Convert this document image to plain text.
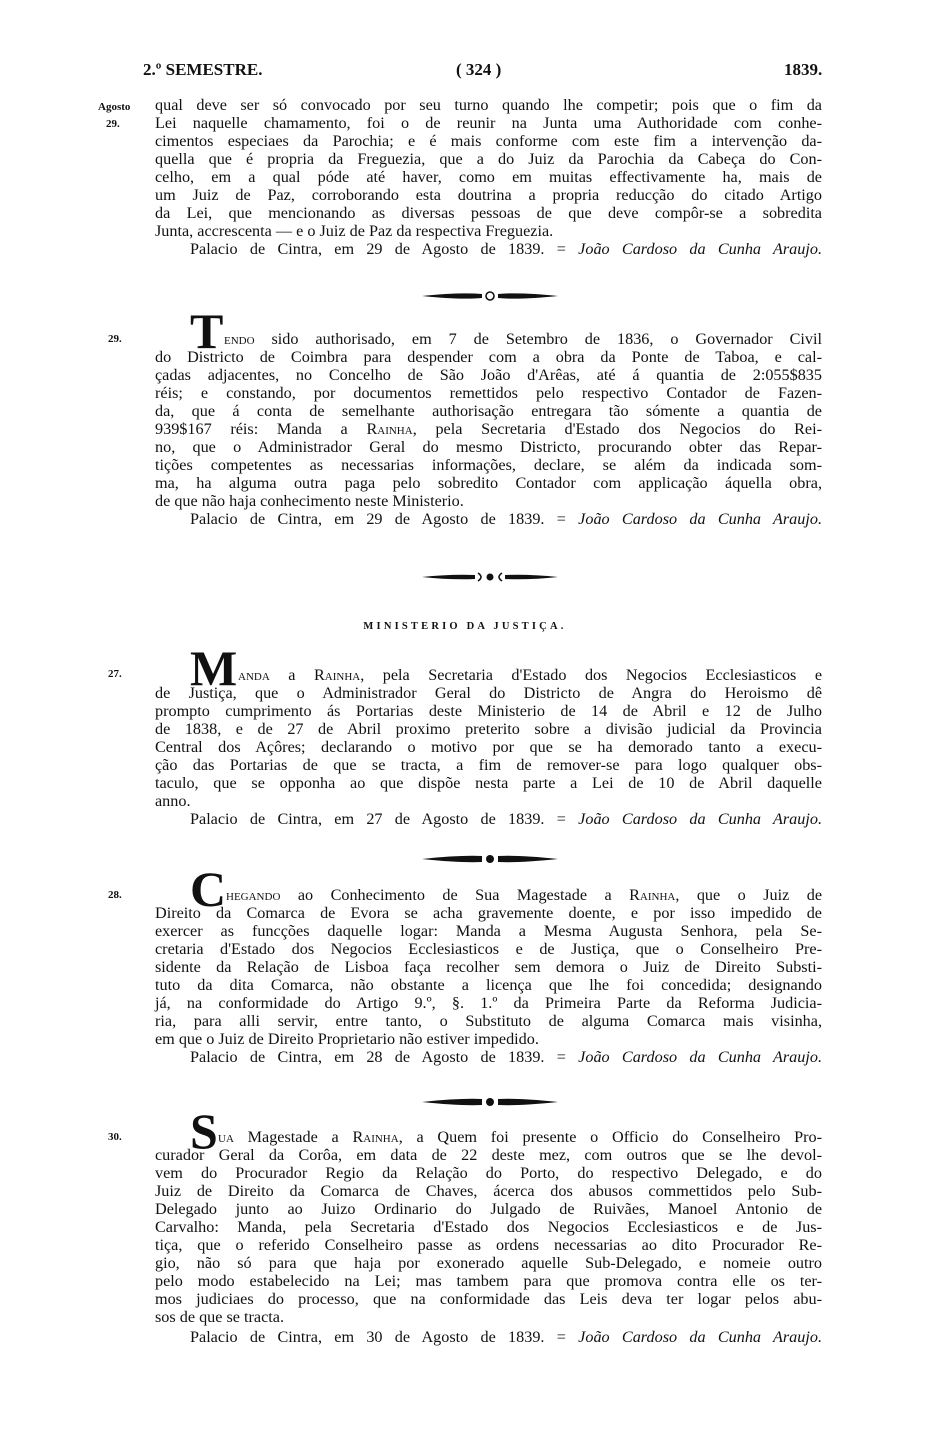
2.º SEMESTRE.	( 324 )	1839.
Agosto
29.
29.
27.
28.
30.
qual deve ser só convocado por seu turno quando lhe competir; pois que o fim da
Lei naquelle chamamento, foi o de reunir na Junta uma Authoridade com conhe-
cimentos especiaes da Parochia; e é mais conforme com este fim a intervenção da-
quella que é propria da Freguezia, que a do Juiz da Parochia da Cabeça do Con-
celho, em a qual póde até haver, como em muitas effectivamente ha, mais de
um Juiz de Paz, corroborando esta doutrina a propria reducção do citado Artigo
da Lei, que mencionando as diversas pessoas de que deve compôr-se a sobredita
Junta, accrescenta — e o Juiz de Paz da respectiva Freguezia.
Palacio de Cintra, em 29 de Agosto de 1839. = João Cardoso da Cunha Araujo.
T endo sido authorisado, em 7 de Setembro de 1836, o Governador Civil
do Districto de Coimbra para despender com a obra da Ponte de Taboa, e cal-
çadas adjacentes, no Concelho de São João d'Arêas, até á quantia de 2:055$835
réis; e constando, por documentos remettidos pelo respectivo Contador de Fazen-
da, que á conta de semelhante authorisação entregara tão sómente a quantia de
939$167 réis: Manda a Rainha, pela Secretaria d'Estado dos Negocios do Rei-
no, que o Administrador Geral do mesmo Districto, procurando obter das Repar-
tições competentes as necessarias informações, declare, se além da indicada som-
ma, ha alguma outra paga pelo sobredito Contador com applicação áquella obra,
de que não haja conhecimento neste Ministerio.
Palacio de Cintra, em 29 de Agosto de 1839. = João Cardoso da Cunha Araujo.
MINISTERIO DA JUSTIÇA.
M anda a Rainha, pela Secretaria d'Estado dos Negocios Ecclesiasticos e
de Justiça, que o Administrador Geral do Districto de Angra do Heroismo dê
prompto cumprimento ás Portarias deste Ministerio de 14 de Abril e 12 de Julho
de 1838, e de 27 de Abril proximo preterito sobre a divisão judicial da Provincia
Central dos Açôres; declarando o motivo por que se ha demorado tanto a execu-
ção das Portarias de que se tracta, a fim de remover-se para logo qualquer obs-
taculo, que se opponha ao que dispõe nesta parte a Lei de 10 de Abril daquelle
anno.
Palacio de Cintra, em 27 de Agosto de 1839. = João Cardoso da Cunha Araujo.
C hegando ao Conhecimento de Sua Magestade a Rainha, que o Juiz de
Direito da Comarca de Evora se acha gravemente doente, e por isso impedido de
exercer as funcções daquelle logar: Manda a Mesma Augusta Senhora, pela Se-
cretaria d'Estado dos Negocios Ecclesiasticos e de Justiça, que o Conselheiro Pre-
sidente da Relação de Lisboa faça recolher sem demora o Juiz de Direito Substi-
tuto da dita Comarca, não obstante a licença que lhe foi concedida; designando
já, na conformidade do Artigo 9.º, §. 1.º da Primeira Parte da Reforma Judicia-
ria, para alli servir, entre tanto, o Substituto de alguma Comarca mais visinha,
em que o Juiz de Direito Proprietario não estiver impedido.
Palacio de Cintra, em 28 de Agosto de 1839. = João Cardoso da Cunha Araujo.
S ua Magestade a Rainha, a Quem foi presente o Officio do Conselheiro Pro-
curador Geral da Corôa, em data de 22 deste mez, com outros que se lhe devol-
vem do Procurador Regio da Relação do Porto, do respectivo Delegado, e do
Juiz de Direito da Comarca de Chaves, ácerca dos abusos commettidos pelo Sub-
Delegado junto ao Juizo Ordinario do Julgado de Ruivães, Manoel Antonio de
Carvalho: Manda, pela Secretaria d'Estado dos Negocios Ecclesiasticos e de Jus-
tiça, que o referido Conselheiro passe as ordens necessarias ao dito Procurador Re-
gio, não só para que haja por exonerado aquelle Sub-Delegado, e nomeie outro
pelo modo estabelecido na Lei; mas tambem para que promova contra elle os ter-
mos judiciaes do processo, que na conformidade das Leis deva ter logar pelos abu-
sos de que se tracta.
Palacio de Cintra, em 30 de Agosto de 1839. = João Cardoso da Cunha Araujo.
